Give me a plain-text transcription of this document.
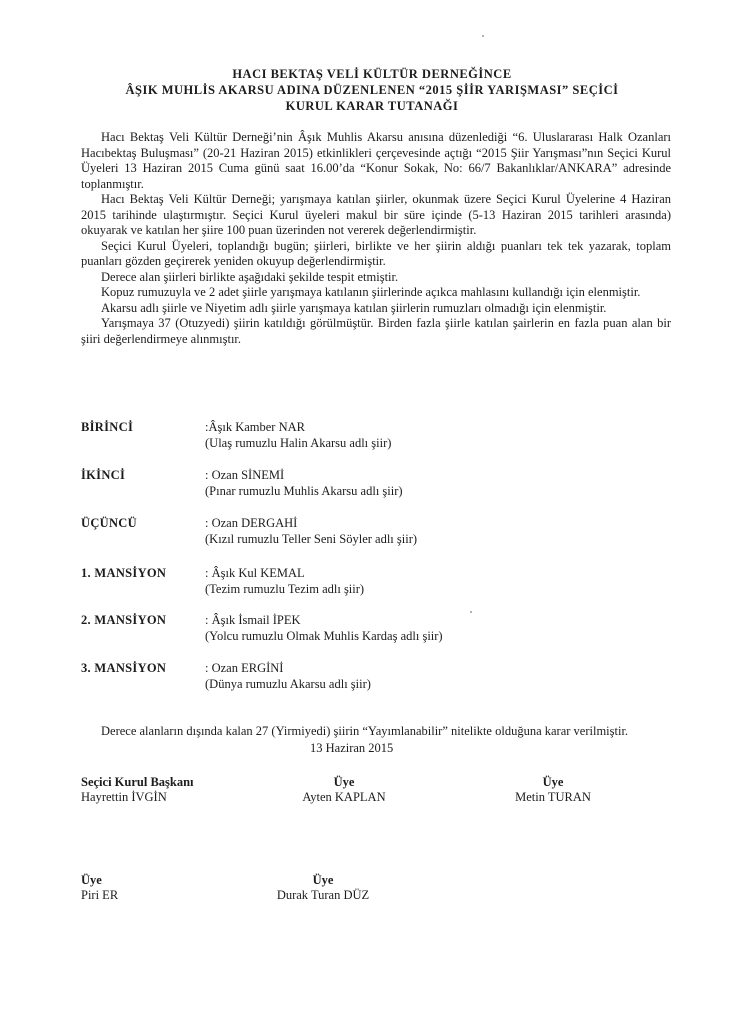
HACI BEKTAŞ VELİ KÜLTÜR DERNEĞİNCE
ÂŞIK MUHLİS AKARSU ADINA DÜZENLENEN “2015 ŞİİR YARIŞMASI” SEÇİCİ
KURUL KARAR TUTANAĞI

Hacı Bektaş Veli Kültür Derneği’nin Âşık Muhlis Akarsu anısına düzenlediği “6. Uluslararası Halk Ozanları Hacıbektaş Buluşması” (20-21 Haziran 2015) etkinlikleri çerçevesinde açtığı “2015 Şiir Yarışması”nın Seçici Kurul Üyeleri 13 Haziran 2015 Cuma günü saat 16.00’da “Konur Sokak, No: 66/7 Bakanlıklar/ANKARA” adresinde toplanmıştır.

Hacı Bektaş Veli Kültür Derneği; yarışmaya katılan şiirler, okunmak üzere Seçici Kurul Üyelerine 4 Haziran 2015 tarihinde ulaştırmıştır. Seçici Kurul üyeleri makul bir süre içinde (5-13 Haziran 2015 tarihleri arasında) okuyarak ve katılan her şiire 100 puan üzerinden not vererek değerlendirmiştir.

Seçici Kurul Üyeleri, toplandığı bugün; şiirleri, birlikte ve her şiirin aldığı puanları tek tek yazarak, toplam puanları gözden geçirerek yeniden okuyup değerlendirmiştir.

Derece alan şiirleri birlikte aşağıdaki şekilde tespit etmiştir.

Kopuz rumuzuyla ve 2 adet şiirle yarışmaya katılanın şiirlerinde açıkca mahlasını kullandığı için elenmiştir.

Akarsu adlı şiirle ve Niyetim adlı şiirle yarışmaya katılan şiirlerin rumuzları olmadığı için elenmiştir.

Yarışmaya 37 (Otuzyedi) şiirin katıldığı görülmüştür. Birden fazla şiirle katılan şairlerin en fazla puan alan bir şiiri değerlendirmeye alınmıştır.

BİRİNCİ	:Âşık Kamber NAR
(Ulaş rumuzlu Halin Akarsu adlı şiir)
İKİNCİ	: Ozan SİNEMİ
(Pınar rumuzlu Muhlis Akarsu adlı şiir)
ÜÇÜNCÜ	: Ozan DERGAHİ
(Kızıl rumuzlu Teller Seni Söyler adlı şiir)
1. MANSİYON	: Âşık Kul KEMAL
(Tezim rumuzlu Tezim adlı şiir)
2. MANSİYON	: Âşık İsmail İPEK
(Yolcu rumuzlu Olmak Muhlis Kardaş adlı şiir)
3. MANSİYON	: Ozan ERGİNİ
(Dünya rumuzlu Akarsu adlı şiir)

Derece alanların dışında kalan 27 (Yirmiyedi) şiirin “Yayımlanabilir” nitelikte olduğuna karar verilmiştir.

13 Haziran 2015
Seçici Kurul Başkanı
Hayrettin İVGİN
Üye
Ayten KAPLAN
Üye
Metin TURAN
Üye
Piri ER
Üye
Durak Turan DÜZ
